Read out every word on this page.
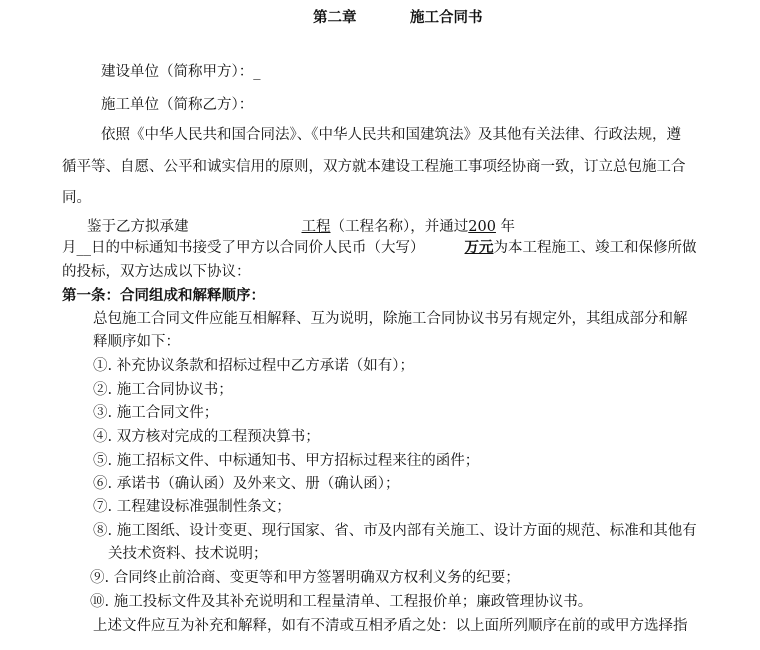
第二章	施工合同书
建设单位（简称甲方）：_
施工单位（简称乙方）：
依照《中华人民共和国合同法》、《中华人民共和国建筑法》及其他有关法律、行政法规，遵
循平等、自愿、公平和诚实信用的原则，双方就本建设工程施工事项经协商一致，订立总包施工合
同。
鉴于乙方拟承建	工程（工程名称），并通过200 年
月__日的中标通知书接受了甲方以合同价人民币（大写）	万元为本工程施工、竣工和保修所做
的投标，双方达成以下协议：
第一条：合同组成和解释顺序：
总包施工合同文件应能互相解释、互为说明，除施工合同协议书另有规定外，其组成部分和解
释顺序如下：
①. 补充协议条款和招标过程中乙方承诺（如有）；
②. 施工合同协议书；
③. 施工合同文件；
④. 双方核对完成的工程预决算书；
⑤. 施工招标文件、中标通知书、甲方招标过程来往的函件；
⑥. 承诺书（确认函）及外来文、册（确认函）；
⑦. 工程建设标准强制性条文；
⑧. 施工图纸、设计变更、现行国家、省、市及内部有关施工、设计方面的规范、标准和其他有
关技术资料、技术说明；
⑨. 合同终止前洽商、变更等和甲方签署明确双方权利义务的纪要；
⑩. 施工投标文件及其补充说明和工程量清单、工程报价单；廉政管理协议书。
上述文件应互为补充和解释，如有不清或互相矛盾之处：以上面所列顺序在前的或甲方选择指
